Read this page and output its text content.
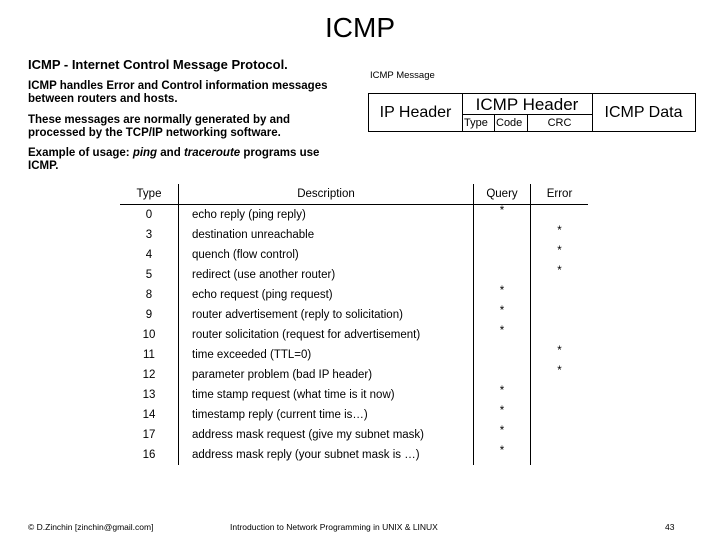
ICMP
ICMP - Internet Control Message Protocol.
ICMP handles Error and Control information messages between routers and hosts.
These messages are normally generated by and processed by the TCP/IP networking software.
Example of usage: ping and traceroute programs use ICMP.
ICMP Message
IP Header	ICMP Header
Type Code	CRC
ICMP Data
Type	Description	Query	Error
0	echo reply (ping reply)	*	
3	destination unreachable		*
4	quench (flow control)		*
5	redirect (use another router)		*
8	echo request (ping request)	*	
9	router advertisement (reply to solicitation)	*	
10	router solicitation (request for advertisement)	*	
11	time exceeded (TTL=0)		*
12	parameter problem (bad IP header)		*
13	time stamp request (what time is it now)	*	
14	timestamp reply (current time is…)	*	
17	address mask request (give my subnet mask)	*	
16	address mask reply (your subnet mask is …)	*	
© D.Zinchin [zinchin@gmail.com]	Introduction to Network Programming in UNIX & LINUX	43
